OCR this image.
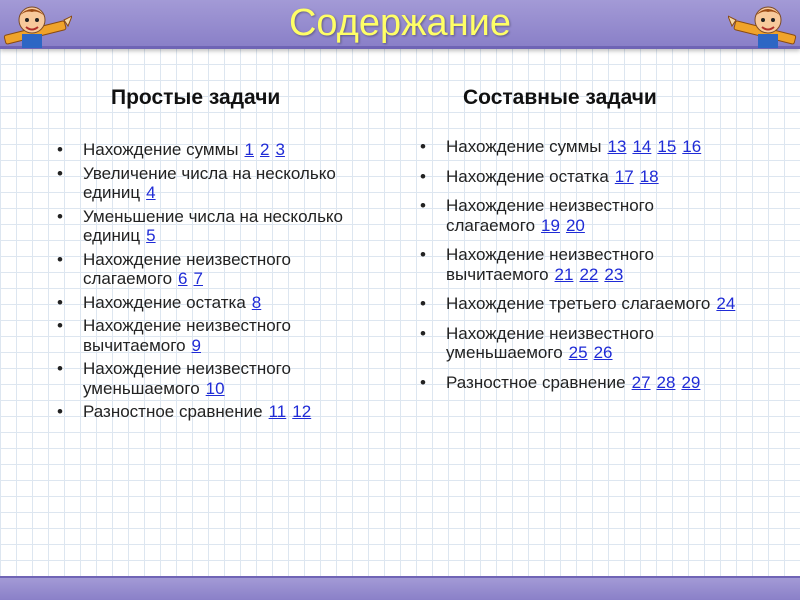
Содержание
Простые задачи	Составные задачи
• Нахождение суммы 1 2 3
• Увеличение числа на несколько единиц 4
• Уменьшение числа на несколько единиц 5
• Нахождение неизвестного слагаемого 6 7
• Нахождение остатка 8
• Нахождение неизвестного вычитаемого 9
• Нахождение неизвестного уменьшаемого 10
• Разностное сравнение 11 12
• Нахождение суммы 13 14 15 16
• Нахождение остатка 17 18
• Нахождение неизвестного слагаемого 19 20
• Нахождение неизвестного вычитаемого 21 22 23
• Нахождение третьего слагаемого 24
• Нахождение неизвестного уменьшаемого 25 26
• Разностное сравнение 27 28 29
